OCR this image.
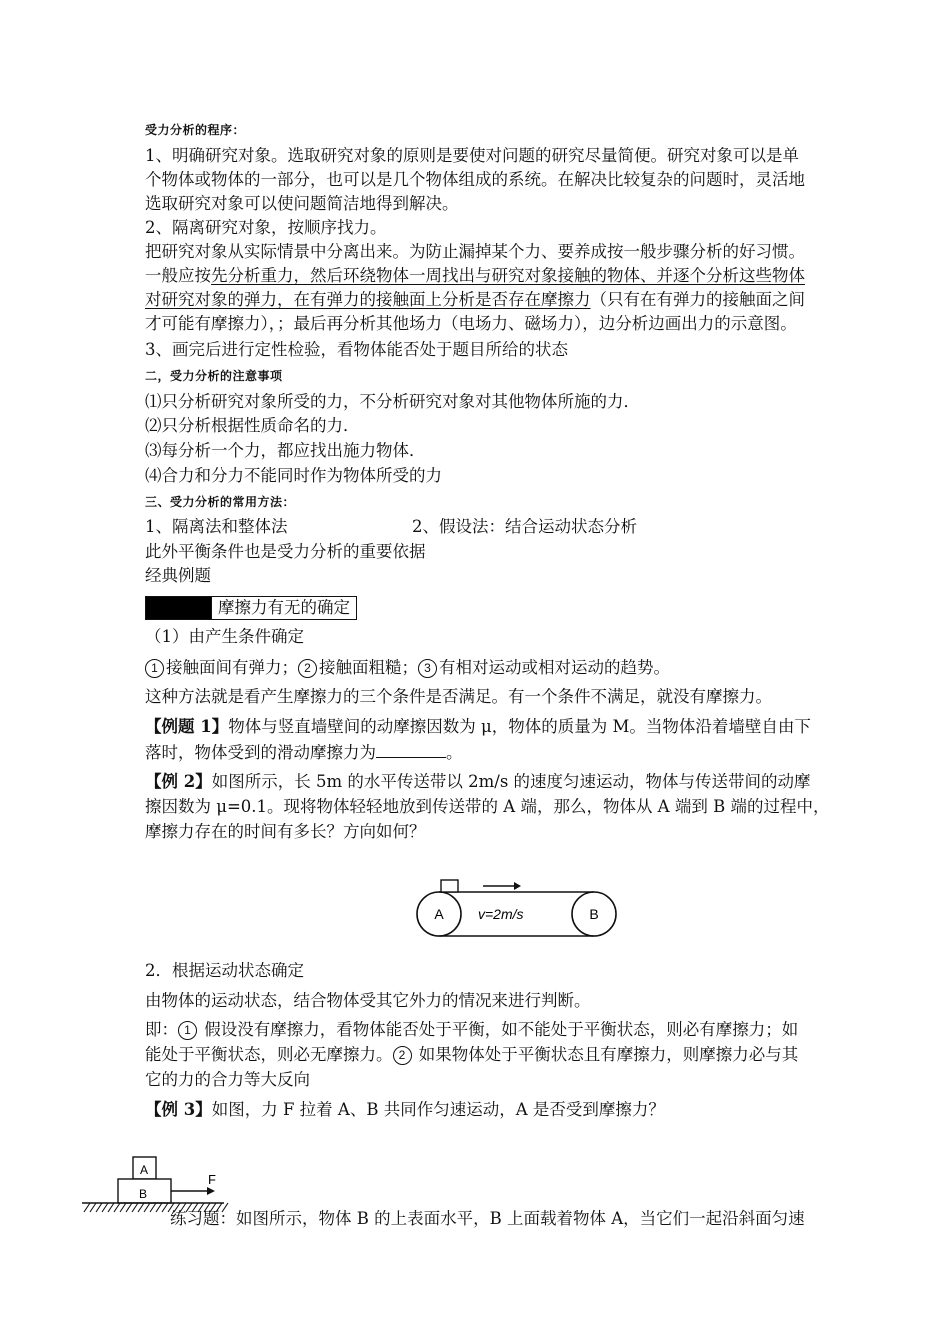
受力分析的程序：
1、明确研究对象。选取研究对象的原则是要使对问题的研究尽量简便。研究对象可以是单
个物体或物体的一部分，也可以是几个物体组成的系统。在解决比较复杂的问题时，灵活地
选取研究对象可以使问题简洁地得到解决。
2、隔离研究对象，按顺序找力。
把研究对象从实际情景中分离出来。为防止漏掉某个力、要养成按一般步骤分析的好习惯。
一般应按先分析重力，然后环绕物体一周找出与研究对象接触的物体、并逐个分析这些物体
对研究对象的弹力，在有弹力的接触面上分析是否存在摩擦力（只有在有弹力的接触面之间
才可能有摩擦力），；最后再分析其他场力（电场力、磁场力），边分析边画出力的示意图。
3、画完后进行定性检验，看物体能否处于题目所给的状态
二，受力分析的注意事项
⑴只分析研究对象所受的力，不分析研究对象对其他物体所施的力．
⑵只分析根据性质命名的力．
⑶每分析一个力，都应找出施力物体．
⑷合力和分力不能同时作为物体所受的力
三、受力分析的常用方法：
1、隔离法和整体法	2、假设法：结合运动状态分析
此外平衡条件也是受力分析的重要依据
经典例题
摩擦力有无的确定
（1）由产生条件确定
1 接触面间有弹力； 2 接触面粗糙； 3 有相对运动或相对运动的趋势。
这种方法就是看产生摩擦力的三个条件是否满足。有一个条件不满足，就没有摩擦力。
【例题 1】物体与竖直墙壁间的动摩擦因数为 μ，物体的质量为 M。当物体沿着墙壁自由下
落时，物体受到的滑动摩擦力为	。
【例 2】如图所示，长 5m 的水平传送带以 2m/s 的速度匀速运动，物体与传送带间的动摩
擦因数为 μ=0.1。现将物体轻轻地放到传送带的 A 端，那么，物体从 A 端到 B 端的过程中，
摩擦力存在的时间有多长？方向如何？
A	B
v=2m/s
2．根据运动状态确定
由物体的运动状态，结合物体受其它外力的情况来进行判断。
即： 1 假设没有摩擦力，看物体能否处于平衡，如不能处于平衡状态，则必有摩擦力；如
能处于平衡状态，则必无摩擦力。 2 如果物体处于平衡状态且有摩擦力，则摩擦力必与其
它的力的合力等大反向
【例 3】如图，力 F 拉着 A、B 共同作匀速运动，A 是否受到摩擦力？
A
B
F
练习题：如图所示，物体 B 的上表面水平，B 上面载着物体 A，当它们一起沿斜面匀速
